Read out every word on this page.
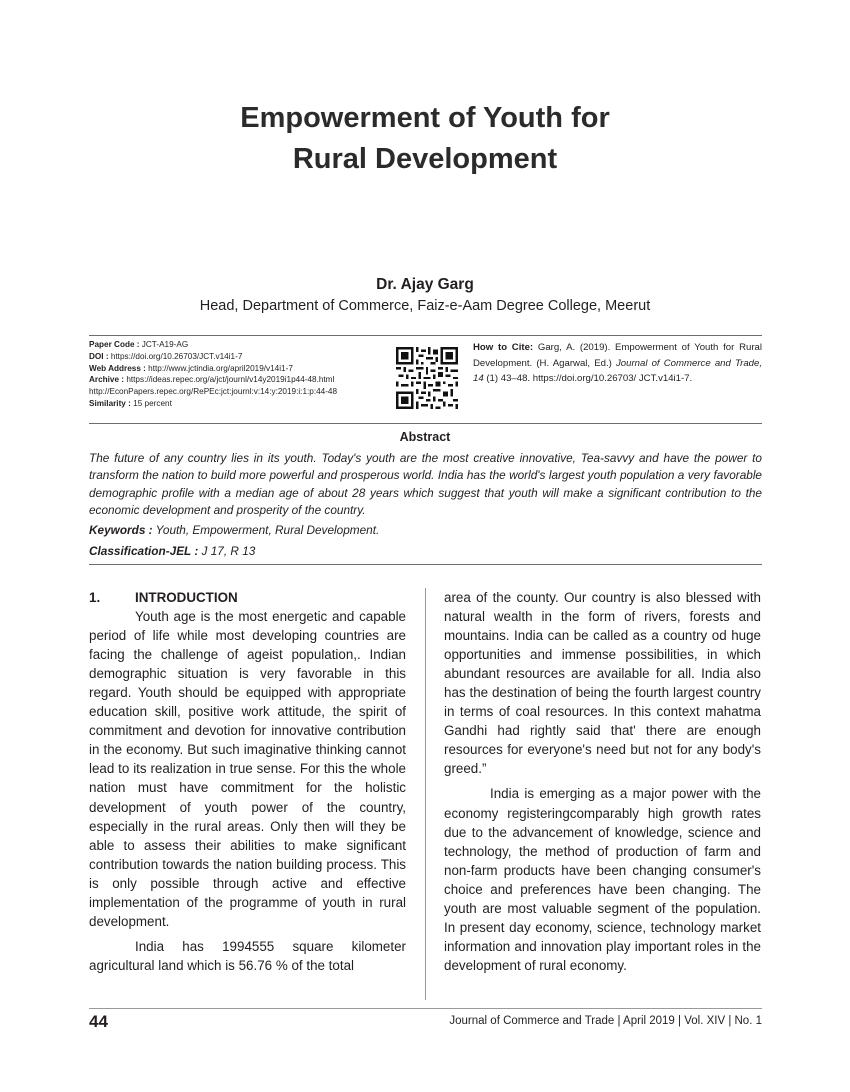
Empowerment of Youth for
Rural Development
Dr. Ajay Garg
Head, Department of Commerce, Faiz-e-Aam Degree College, Meerut
Paper Code : JCT-A19-AG
DOI : https://doi.org/10.26703/JCT.v14i1-7
Web Address : http://www.jctindia.org/april2019/v14i1-7
Archive : https://ideas.repec.org/a/jct/journl/v14y2019i1p44-48.html
http://EconPapers.repec.org/RePEc:jct:journl:v:14:y:2019:i:1:p:44-48
Similarity : 15 percent
How to Cite: Garg, A. (2019). Empowerment of Youth for Rural Development. (H. Agarwal, Ed.) Journal of Commerce and Trade, 14 (1) 43–48. https://doi.org/10.26703/ JCT.v14i1-7.
Abstract
The future of any country lies in its youth. Today's youth are the most creative innovative, Tea-savvy and have the power to transform the nation to build more powerful and prosperous world. India has the world's largest youth population a very favorable demographic profile with a median age of about 28 years which suggest that youth will make a significant contribution to the economic development and prosperity of the country.
Keywords : Youth, Empowerment, Rural Development.
Classification-JEL : J 17, R 13
1.	INTRODUCTION

Youth age is the most energetic and capable period of life while most developing countries are facing the challenge of ageist population,. Indian demographic situation is very favorable in this regard. Youth should be equipped with appropriate education skill, positive work attitude, the spirit of commitment and devotion for innovative contribution in the economy. But such imaginative thinking cannot lead to its realization in true sense. For this the whole nation must have commitment for the holistic development of youth power of the country, especially in the rural areas. Only then will they be able to assess their abilities to make significant contribution towards the nation building process. This is only possible through active and effective implementation of the programme of youth in rural development.

India has 1994555 square kilometer agricultural land which is 56.76 % of the total

area of the county. Our country is also blessed with natural wealth in the form of rivers, forests and mountains. India can be called as a country od huge opportunities and immense possibilities, in which abundant resources are available for all. India also has the destination of being the fourth largest country in terms of coal resources. In this context mahatma Gandhi had rightly said that' there are enough resources for everyone's need but not for any body's greed.”

India is emerging as a major power with the economy registeringcomparably high growth rates due to the advancement of knowledge, science and technology, the method of production of farm and non-farm products have been changing consumer's choice and preferences have been changing. The youth are most valuable segment of the population. In present day economy, science, technology market information and innovation play important roles in the development of rural economy.

44	Journal of Commerce and Trade | April 2019 | Vol. XIV | No. 1
